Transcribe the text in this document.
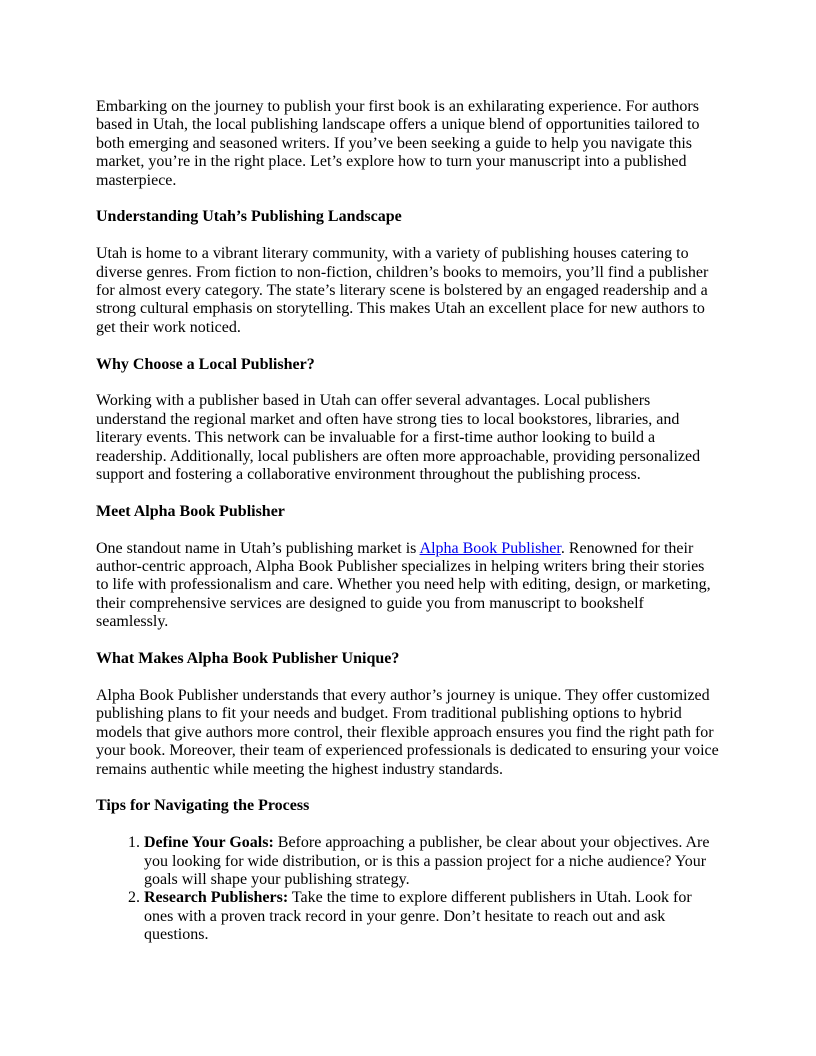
Embarking on the journey to publish your first book is an exhilarating experience. For authors based in Utah, the local publishing landscape offers a unique blend of opportunities tailored to both emerging and seasoned writers. If you’ve been seeking a guide to help you navigate this market, you’re in the right place. Let’s explore how to turn your manuscript into a published masterpiece.

Understanding Utah’s Publishing Landscape

Utah is home to a vibrant literary community, with a variety of publishing houses catering to diverse genres. From fiction to non-fiction, children’s books to memoirs, you’ll find a publisher for almost every category. The state’s literary scene is bolstered by an engaged readership and a strong cultural emphasis on storytelling. This makes Utah an excellent place for new authors to get their work noticed.

Why Choose a Local Publisher?

Working with a publisher based in Utah can offer several advantages. Local publishers understand the regional market and often have strong ties to local bookstores, libraries, and literary events. This network can be invaluable for a first-time author looking to build a readership. Additionally, local publishers are often more approachable, providing personalized support and fostering a collaborative environment throughout the publishing process.

Meet Alpha Book Publisher

One standout name in Utah’s publishing market is Alpha Book Publisher. Renowned for their author-centric approach, Alpha Book Publisher specializes in helping writers bring their stories to life with professionalism and care. Whether you need help with editing, design, or marketing, their comprehensive services are designed to guide you from manuscript to bookshelf seamlessly.

What Makes Alpha Book Publisher Unique?

Alpha Book Publisher understands that every author’s journey is unique. They offer customized publishing plans to fit your needs and budget. From traditional publishing options to hybrid models that give authors more control, their flexible approach ensures you find the right path for your book. Moreover, their team of experienced professionals is dedicated to ensuring your voice remains authentic while meeting the highest industry standards.

Tips for Navigating the Process
1. Define Your Goals: Before approaching a publisher, be clear about your objectives. Are you looking for wide distribution, or is this a passion project for a niche audience? Your goals will shape your publishing strategy.
2. Research Publishers: Take the time to explore different publishers in Utah. Look for ones with a proven track record in your genre. Don’t hesitate to reach out and ask questions.
